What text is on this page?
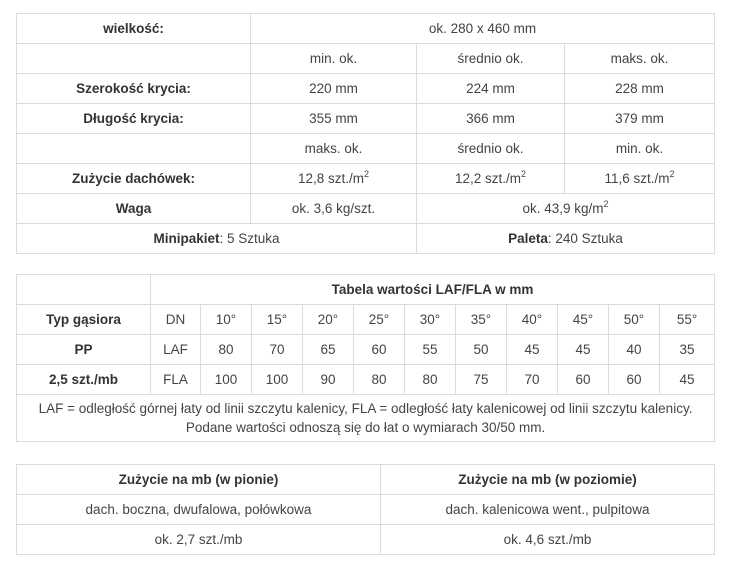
wielkość:	ok. 280 x 460 mm		
	min. ok.	średnio ok.	maks. ok.
Szerokość krycia:	220 mm	224 mm	228 mm
Długość krycia:	355 mm	366 mm	379 mm
	maks. ok.	średnio ok.	min. ok.
Zużycie dachówek:	12,8 $szt./m^2$	12,2 $szt./m^2$	11,6 $szt./m^2$
Waga	ok. 3,6 kg/szt.	ok. 43,9 $kg/m^2$
Minipakiet: 5 Sztuka		Paleta: 240 Sztuka	
	Tabela wartości LAF/FLA w mm										
Typ gąsiora	DN	10°	15°	20°	25°	30°	35°	40°	45°	50°	55°
PP	LAF	80	70	65	60	55	50	45	45	40	35
2,5 szt./mb	FLA	100	100	90	80	80	75	70	60	60	45
LAF = odległość górnej łaty od linii szczytu kalenicy, FLA = odległość łaty kalenicowej od linii szczytu kalenicy. Podane wartości odnoszą się do łat o wymiarach 30/50 mm.											
Zużycie na mb (w pionie)	Zużycie na mb (w poziomie)
dach. boczna, dwufalowa, połówkowa	dach. kalenicowa went., pulpitowa
ok. 2,7 szt./mb	ok. 4,6 szt./mb
